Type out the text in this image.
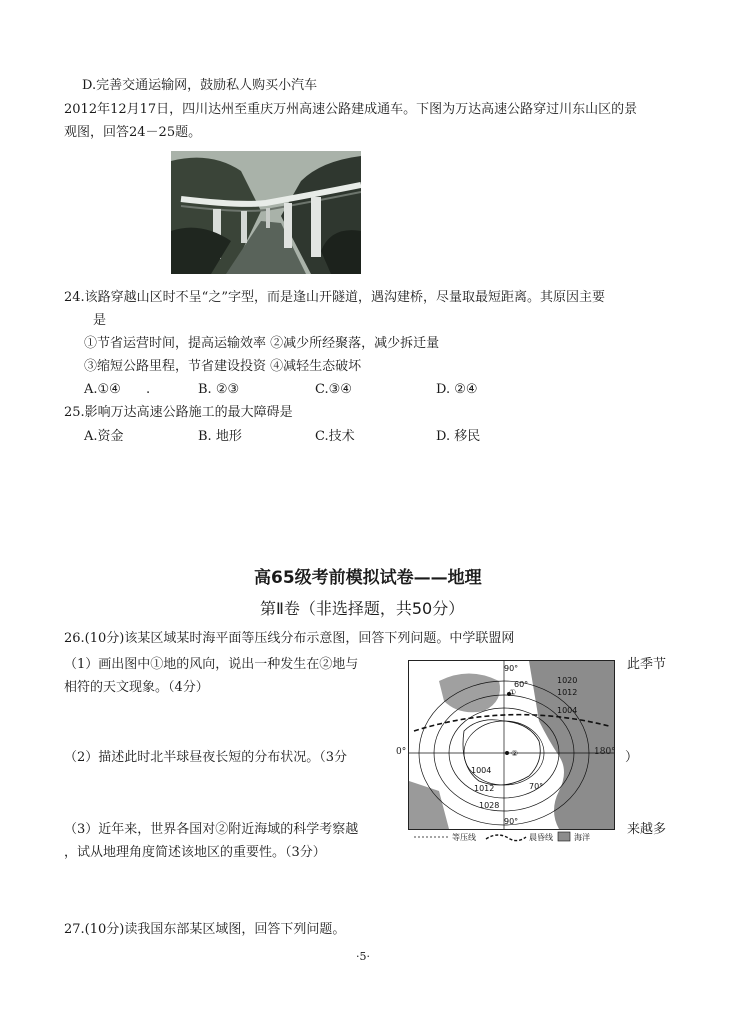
D.完善交通运输网，鼓励私人购买小汽车
2012年12月17日，四川达州至重庆万州高速公路建成通车。下图为万达高速公路穿过川东山区的景
观图，回答24－25题。
24.该路穿越山区时不呈“之”字型，而是逢山开隧道，遇沟建桥，尽量取最短距离。其原因主要
是
①节省运营时间，提高运输效率 ②减少所经聚落，减少拆迁量
③缩短公路里程，节省建设投资 ④减轻生态破坏
A.①④ .	B. ②③	C.③④	D. ②④
25.影响万达高速公路施工的最大障碍是
A.资金	B. 地形	C.技术	D. 移民
高65级考前模拟试卷——地理
第Ⅱ卷（非选择题，共50分）
26.(10分)该某区域某时海平面等压线分布示意图，回答下列问题。中学联盟网
（1）画出图中①地的风向，说出一种发生在②地与	此季节
相符的天文现象。（4分）
（2）描述此时北半球昼夜长短的分布状况。（3分	）
（3）近年来，世界各国对②附近海域的科学考察越	来越多
，试从地理角度简述该地区的重要性。（3分）
90°
60°
①
②
1020
1012
1004
1004
1012
1028
70°
90°
0°	180°
等压线	晨昏线	海洋
27.(10分)读我国东部某区域图，回答下列问题。
·5·
